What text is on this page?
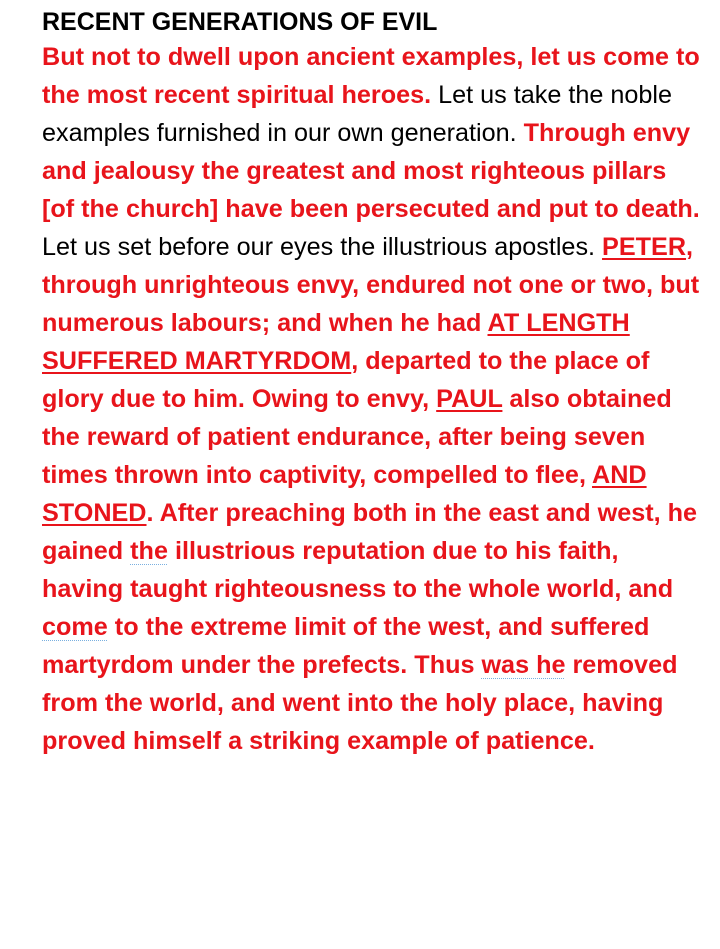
RECENT GENERATIONS OF EVIL

But not to dwell upon ancient examples, let us come to the most recent spiritual heroes. Let us take the noble examples furnished in our own generation. Through envy and jealousy the greatest and most righteous pillars [of the church] have been persecuted and put to death. Let us set before our eyes the illustrious apostles. PETER, through unrighteous envy, endured not one or two, but numerous labours; and when he had AT LENGTH SUFFERED MARTYRDOM, departed to the place of glory due to him. Owing to envy, PAUL also obtained the reward of patient endurance, after being seven times thrown into captivity, compelled to flee, AND STONED. After preaching both in the east and west, he gained the illustrious reputation due to his faith, having taught righteousness to the whole world, and come to the extreme limit of the west, and suffered martyrdom under the prefects. Thus was he removed from the world, and went into the holy place, having proved himself a striking example of patience.
